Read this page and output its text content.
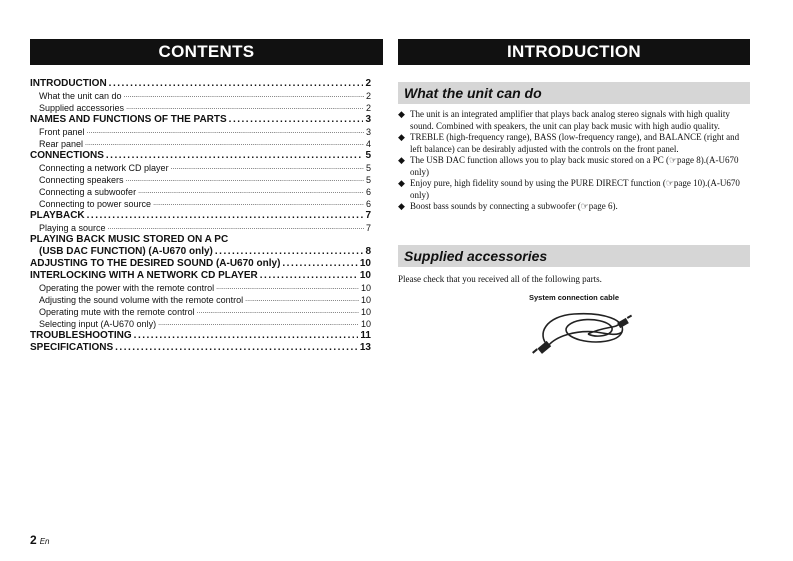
CONTENTS	INTRODUCTION
INTRODUCTION .....	2
What the unit can do .....	2
Supplied accessories .....	2
NAMES AND FUNCTIONS OF THE PARTS .....	3
Front panel .....	3
Rear panel .....	4
CONNECTIONS .....	5
Connecting a network CD player .....	5
Connecting speakers .....	5
Connecting a subwoofer .....	6
Connecting to power source .....	6
PLAYBACK .....	7
Playing a source .....	7
PLAYING BACK MUSIC STORED ON A PC
(USB DAC FUNCTION) (A-U670 only) .....	8
ADJUSTING TO THE DESIRED SOUND (A-U670 only) .....	10
INTERLOCKING WITH A NETWORK CD PLAYER .....	10
Operating the power with the remote control .....	10
Adjusting the sound volume with the remote control .....	10
Operating mute with the remote control .....	10
Selecting input (A-U670 only) .....	10
TROUBLESHOOTING .....	11
SPECIFICATIONS .....	13
What the unit can do
◆ The unit is an integrated amplifier that plays back analog stereo signals with high quality sound. Combined with speakers, the unit can play back music with high audio quality.
◆ TREBLE (high-frequency range), BASS (low-frequency range), and BALANCE (right and left balance) can be desirably adjusted with the controls on the front panel.
◆ The USB DAC function allows you to play back music stored on a PC (☞page 8).(A-U670 only)
◆ Enjoy pure, high fidelity sound by using the PURE DIRECT function (☞page 10).(A-U670 only)
◆ Boost bass sounds by connecting a subwoofer (☞page 6).
Supplied accessories
Please check that you received all of the following parts.
System connection cable
2 En
